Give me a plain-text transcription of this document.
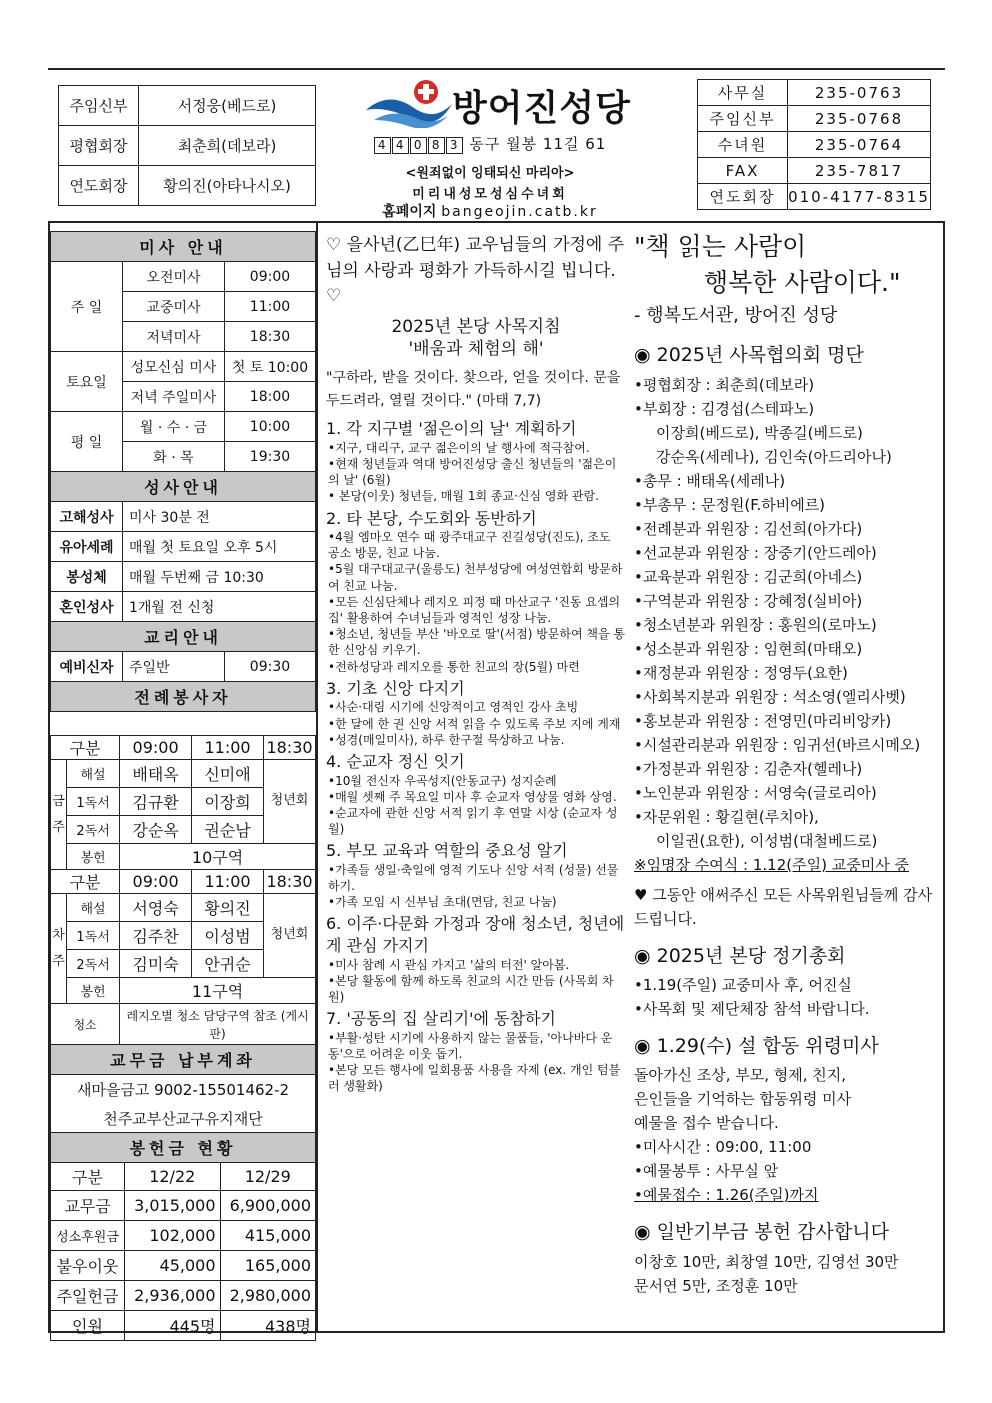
주임신부	서정웅(베드로)
평협회장	최춘희(데보라)
연도회장	황의진(아타나시오)
방어진성당
4 4 0 8 3 동구 월봉 11길 61
<원죄없이 잉태되신 마리아>
미리내성모성심수녀회
홈페이지 bangeojin.catb.kr
사무실	235-0763
주임신부	235-0768
수녀원	235-0764
FAX	235-7817
연도회장	010-4177-8315
미사 안내		
주 일	오전미사	09:00
	교중미사	11:00
	저녁미사	18:30
토요일	성모신심 미사	첫 토 10:00
	저녁 주일미사	18:00
평 일	월 · 수 · 금	10:00
	화 · 목	19:30
성사안내		
고해성사	미사 30분 전	
유아세례	매월 첫 토요일 오후 5시	
봉성체	매월 두번째 금 10:30	
혼인성사	1개월 전 신청	
교리안내		
예비신자	주일반	09:30
전례봉사자		
구분		09:00	11:00	18:30
금주	해설	배태옥	신미애	청년회
	1독서	김규환	이장희	
	2독서	강순옥	권순남	
	봉헌	10구역		
구분		09:00	11:00	18:30
차주	해설	서영숙	황의진	청년회
	1독서	김주찬	이성범	
	2독서	김미숙	안귀순	
	봉헌	11구역		
청소		레지오별 청소 담당구역 참조 (게시판)		
교무금 납부계좌
새마을금고 9002-15501462-2
천주교부산교구유지재단
봉헌금 현황
구분	12/22	12/29
교무금	3,015,000	6,900,000
성소후원금	102,000	415,000
불우이웃	45,000	165,000
주일헌금	2,936,000	2,980,000
인원	445명	438명
♡ 을사년(乙巳年) 교우님들의 가정에 주님의 사랑과 평화가 가득하시길 빕니다. ♡
2025년 본당 사목지침
'배움과 체험의 해'
"구하라, 받을 것이다. 찾으라, 얻을 것이다. 문을 두드려라, 열릴 것이다." (마태 7,7)
1. 각 지구별 '젊은이의 날' 계획하기
•지구, 대리구, 교구 젊은이의 날 행사에 적극참여.
•현재 청년들과 역대 방어진성당 출신 청년들의 '젊은이의 날' (6월)
• 본당(이웃) 청년들, 매월 1회 종교·신심 영화 관람.
2. 타 본당, 수도회와 동반하기
•4월 엠마오 연수 때 광주대교구 진길성당(진도), 조도 공소 방문, 친교 나눔.
•5월 대구대교구(울릉도) 천부성당에 여성연합회 방문하여 친교 나눔.
•모든 신심단체나 레지오 피정 때 마산교구 '진동 요셉의 집' 활용하여 수녀님들과 영적인 성장 나눔.
•청소년, 청년들 부산 '바오로 딸'(서점) 방문하여 책을 통한 신앙심 키우기.
•전하성당과 레지오를 통한 친교의 장(5월) 마련
3. 기초 신앙 다지기
•사순·대림 시기에 신앙적이고 영적인 강사 초빙
•한 달에 한 권 신앙 서적 읽을 수 있도록 주보 지에 게재
•성경(매일미사), 하루 한구절 묵상하고 나눔.
4. 순교자 정신 잇기
•10월 전신자 우곡성지(안동교구) 성지순례
•매월 셋째 주 목요일 미사 후 순교자 영상물 영화 상영.
•순교자에 관한 신앙 서적 읽기 후 연말 시상 (순교자 성월)
5. 부모 교육과 역할의 중요성 알기
•가족들 생일·축일에 영적 기도나 신앙 서적 (성물) 선물하기.
•가족 모임 시 신부님 초대(면담, 친교 나눔)
6. 이주·다문화 가정과 장애 청소년, 청년에게 관심 가지기
•미사 참례 시 관심 가지고 '삶의 터전' 알아봄.
•본당 활동에 함께 하도록 친교의 시간 만듬 (사목회 차원)
7. '공동의 집 살리기'에 동참하기
•부활·성탄 시기에 사용하지 않는 물품들, '아나바다 운동'으로 어려운 이웃 돕기.
•본당 모든 행사에 일회용품 사용을 자제 (ex. 개인 텀블러 생활화)
"책 읽는 사람이
행복한 사람이다."
- 행복도서관, 방어진 성당
◉ 2025년 사목협의회 명단
•평협회장 : 최춘희(데보라)
•부회장 : 김경섭(스테파노)
이장희(베드로), 박종길(베드로)
강순옥(세레나), 김인숙(아드리아나)
•총무 : 배태옥(세레나)
•부총무 : 문정원(F.하비에르)
•전례분과 위원장 : 김선희(아가다)
•선교분과 위원장 : 장중기(안드레아)
•교육분과 위원장 : 김군희(아네스)
•구역분과 위원장 : 강혜정(실비아)
•청소년분과 위원장 : 홍원의(로마노)
•성소분과 위원장 : 임현희(마태오)
•재정분과 위원장 : 정영두(요한)
•사회복지분과 위원장 : 석소영(엘리사벳)
•홍보분과 위원장 : 전영민(마리비앙카)
•시설관리분과 위원장 : 임귀선(바르시메오)
•가정분과 위원장 : 김춘자(헬레나)
•노인분과 위원장 : 서영숙(글로리아)
•자문위원 : 황길현(루치아),
이일권(요한), 이성범(대철베드로)
※임명장 수여식 : 1.12(주일) 교중미사 중
♥ 그동안 애써주신 모든 사목위원님들께 감사드립니다.
◉ 2025년 본당 정기총회
•1.19(주일) 교중미사 후, 어진실
•사목회 및 제단체장 참석 바랍니다.
◉ 1.29(수) 설 합동 위령미사
돌아가신 조상, 부모, 형제, 친지,
은인들을 기억하는 합동위령 미사
예물을 접수 받습니다.
•미사시간 : 09:00, 11:00
•예물봉투 : 사무실 앞
•예물접수 : 1.26(주일)까지
◉ 일반기부금 봉헌 감사합니다
이창호 10만, 최창열 10만, 김영선 30만
문서연 5만, 조정훈 10만
